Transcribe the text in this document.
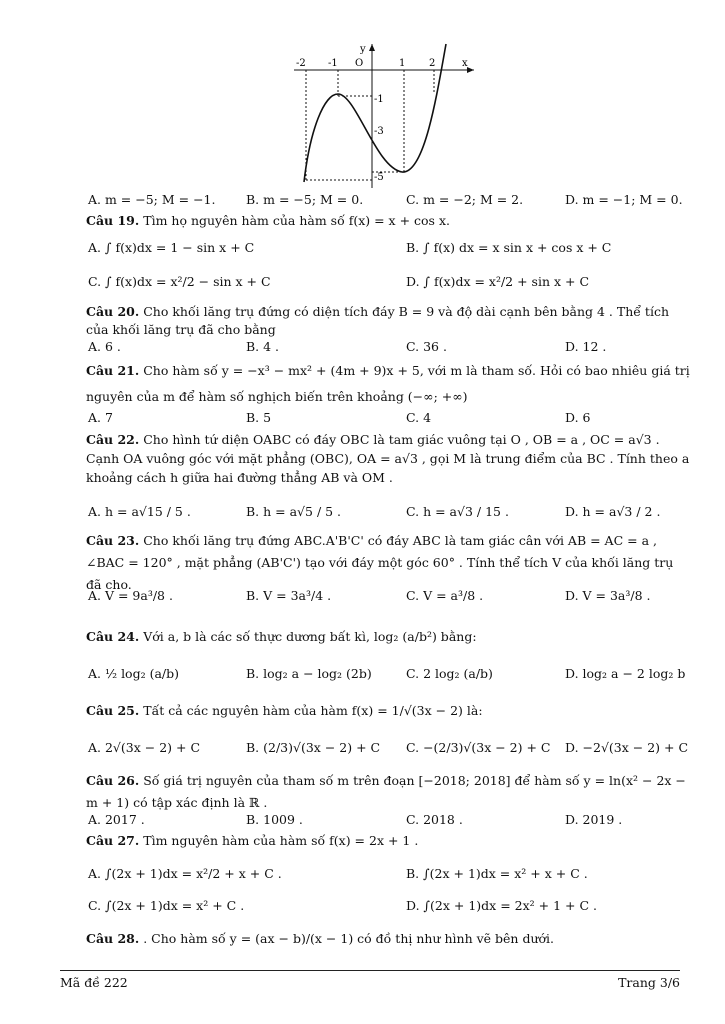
x
y
O
-2 -1	1 2
-1
-3
-5
A. m = −5; M = −1. B. m = −5; M = 0.	C. m = −2; M = 2.	D. m = −1; M = 0.
Câu 19. Tìm họ nguyên hàm của hàm số f(x) = x + cos x.
A. ∫ f(x)dx = 1 − sin x + C	B. ∫ f(x) dx = x sin x + cos x + C
C. ∫ f(x)dx = x²/2 − sin x + C	D. ∫ f(x)dx = x²/2 + sin x + C
Câu 20. Cho khối lăng trụ đứng có diện tích đáy B = 9 và độ dài cạnh bên bằng 4 . Thể tích của khối lăng trụ đã cho bằng
A. 6 .	B. 4 .	C. 36 .	D. 12 .
Câu 21. Cho hàm số y = −x³ − mx² + (4m + 9)x + 5, với m là tham số. Hỏi có bao nhiêu giá trị nguyên của m để hàm số nghịch biến trên khoảng (−∞; +∞)
A. 7	B. 5	C. 4	D. 6
Câu 22. Cho hình tứ diện OABC có đáy OBC là tam giác vuông tại O , OB = a , OC = a√3 . Cạnh OA vuông góc với mặt phẳng (OBC), OA = a√3 , gọi M là trung điểm của BC . Tính theo a khoảng cách h giữa hai đường thẳng AB và OM .
A. h = a√15 / 5 .	B. h = a√5 / 5 .	C. h = a√3 / 15 .	D. h = a√3 / 2 .
Câu 23. Cho khối lăng trụ đứng ABC.A'B'C' có đáy ABC là tam giác cân với AB = AC = a , ∠BAC = 120° , mặt phẳng (AB'C') tạo với đáy một góc 60° . Tính thể tích V của khối lăng trụ đã cho.
A. V = 9a³/8 .	B. V = 3a³/4 .	C. V = a³/8 .	D. V = 3a³/8 .
Câu 24. Với a, b là các số thực dương bất kì, log₂ (a/b²) bằng:
A. ½ log₂ (a/b)	B. log₂ a − log₂ (2b)	C. 2 log₂ (a/b)	D. log₂ a − 2 log₂ b
Câu 25. Tất cả các nguyên hàm của hàm f(x) = 1/√(3x − 2) là:
A. 2√(3x − 2) + C	B. (2/3)√(3x − 2) + C C. −(2/3)√(3x − 2) + C D. −2√(3x − 2) + C
Câu 26. Số giá trị nguyên của tham số m trên đoạn [−2018; 2018] để hàm số y = ln(x² − 2x − m + 1) có tập xác định là ℝ .
A. 2017 .	B. 1009 .	C. 2018 .	D. 2019 .
Câu 27. Tìm nguyên hàm của hàm số f(x) = 2x + 1 .
A. ∫(2x + 1)dx = x²/2 + x + C .	B. ∫(2x + 1)dx = x² + x + C .
C. ∫(2x + 1)dx = x² + C .	D. ∫(2x + 1)dx = 2x² + 1 + C .
Câu 28. . Cho hàm số y = (ax − b)/(x − 1) có đồ thị như hình vẽ bên dưới.
Mã đề 222	Trang 3/6
